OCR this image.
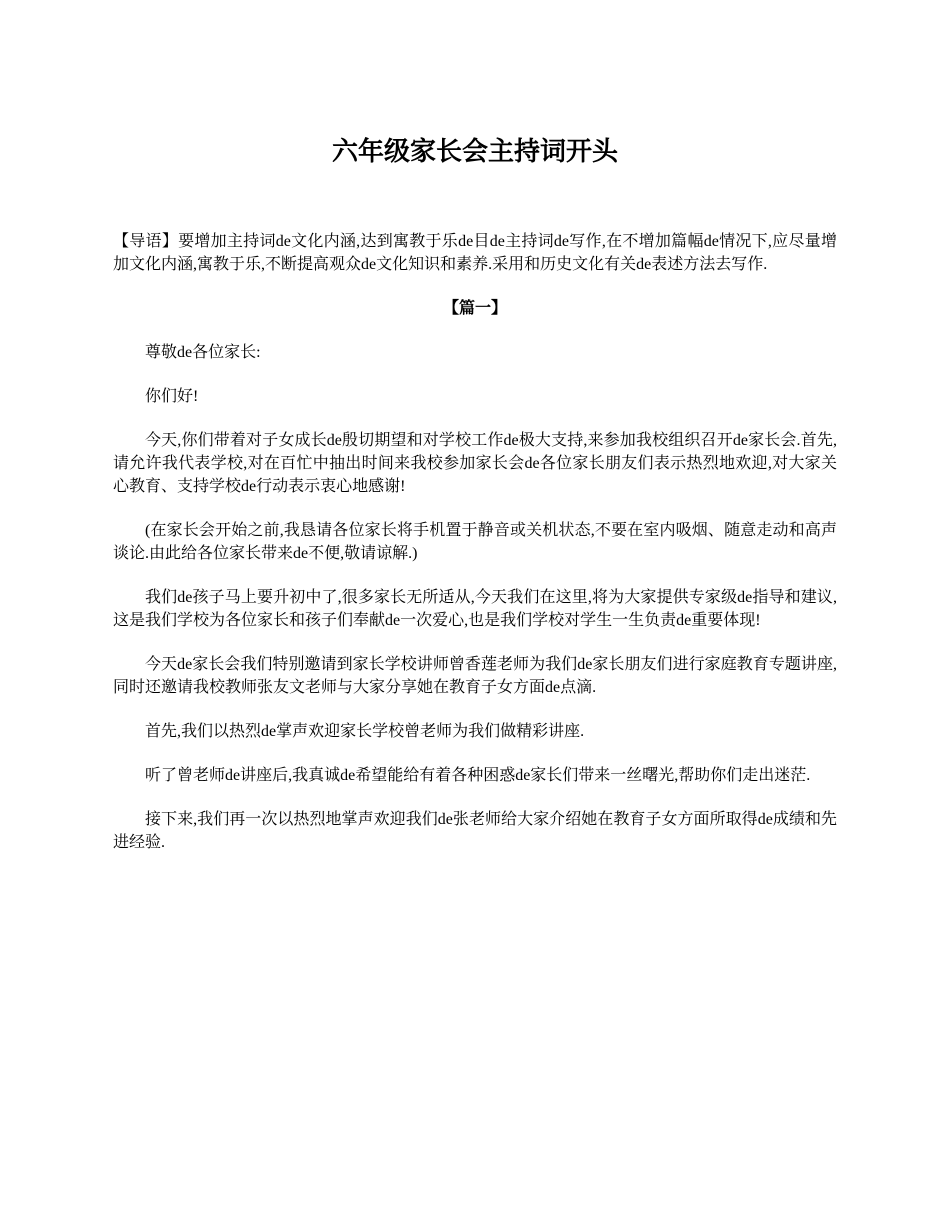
六年级家长会主持词开头

【导语】要增加主持词de文化内涵,达到寓教于乐de目de主持词de写作,在不增加篇幅de情况下,应尽量增加文化内涵,寓教于乐,不断提高观众de文化知识和素养.采用和历史文化有关de表述方法去写作.

【篇一】

尊敬de各位家长:

你们好!

今天,你们带着对子女成长de殷切期望和对学校工作de极大支持,来参加我校组织召开de家长会.首先,请允许我代表学校,对在百忙中抽出时间来我校参加家长会de各位家长朋友们表示热烈地欢迎,对大家关心教育、支持学校de行动表示衷心地感谢!

(在家长会开始之前,我恳请各位家长将手机置于静音或关机状态,不要在室内吸烟、随意走动和高声谈论.由此给各位家长带来de不便,敬请谅解.)

我们de孩子马上要升初中了,很多家长无所适从,今天我们在这里,将为大家提供专家级de指导和建议,这是我们学校为各位家长和孩子们奉献de一次爱心,也是我们学校对学生一生负责de重要体现!

今天de家长会我们特别邀请到家长学校讲师曾香莲老师为我们de家长朋友们进行家庭教育专题讲座,同时还邀请我校教师张友文老师与大家分享她在教育子女方面de点滴.

首先,我们以热烈de掌声欢迎家长学校曾老师为我们做精彩讲座.

听了曾老师de讲座后,我真诚de希望能给有着各种困惑de家长们带来一丝曙光,帮助你们走出迷茫.

接下来,我们再一次以热烈地掌声欢迎我们de张老师给大家介绍她在教育子女方面所取得de成绩和先进经验.
